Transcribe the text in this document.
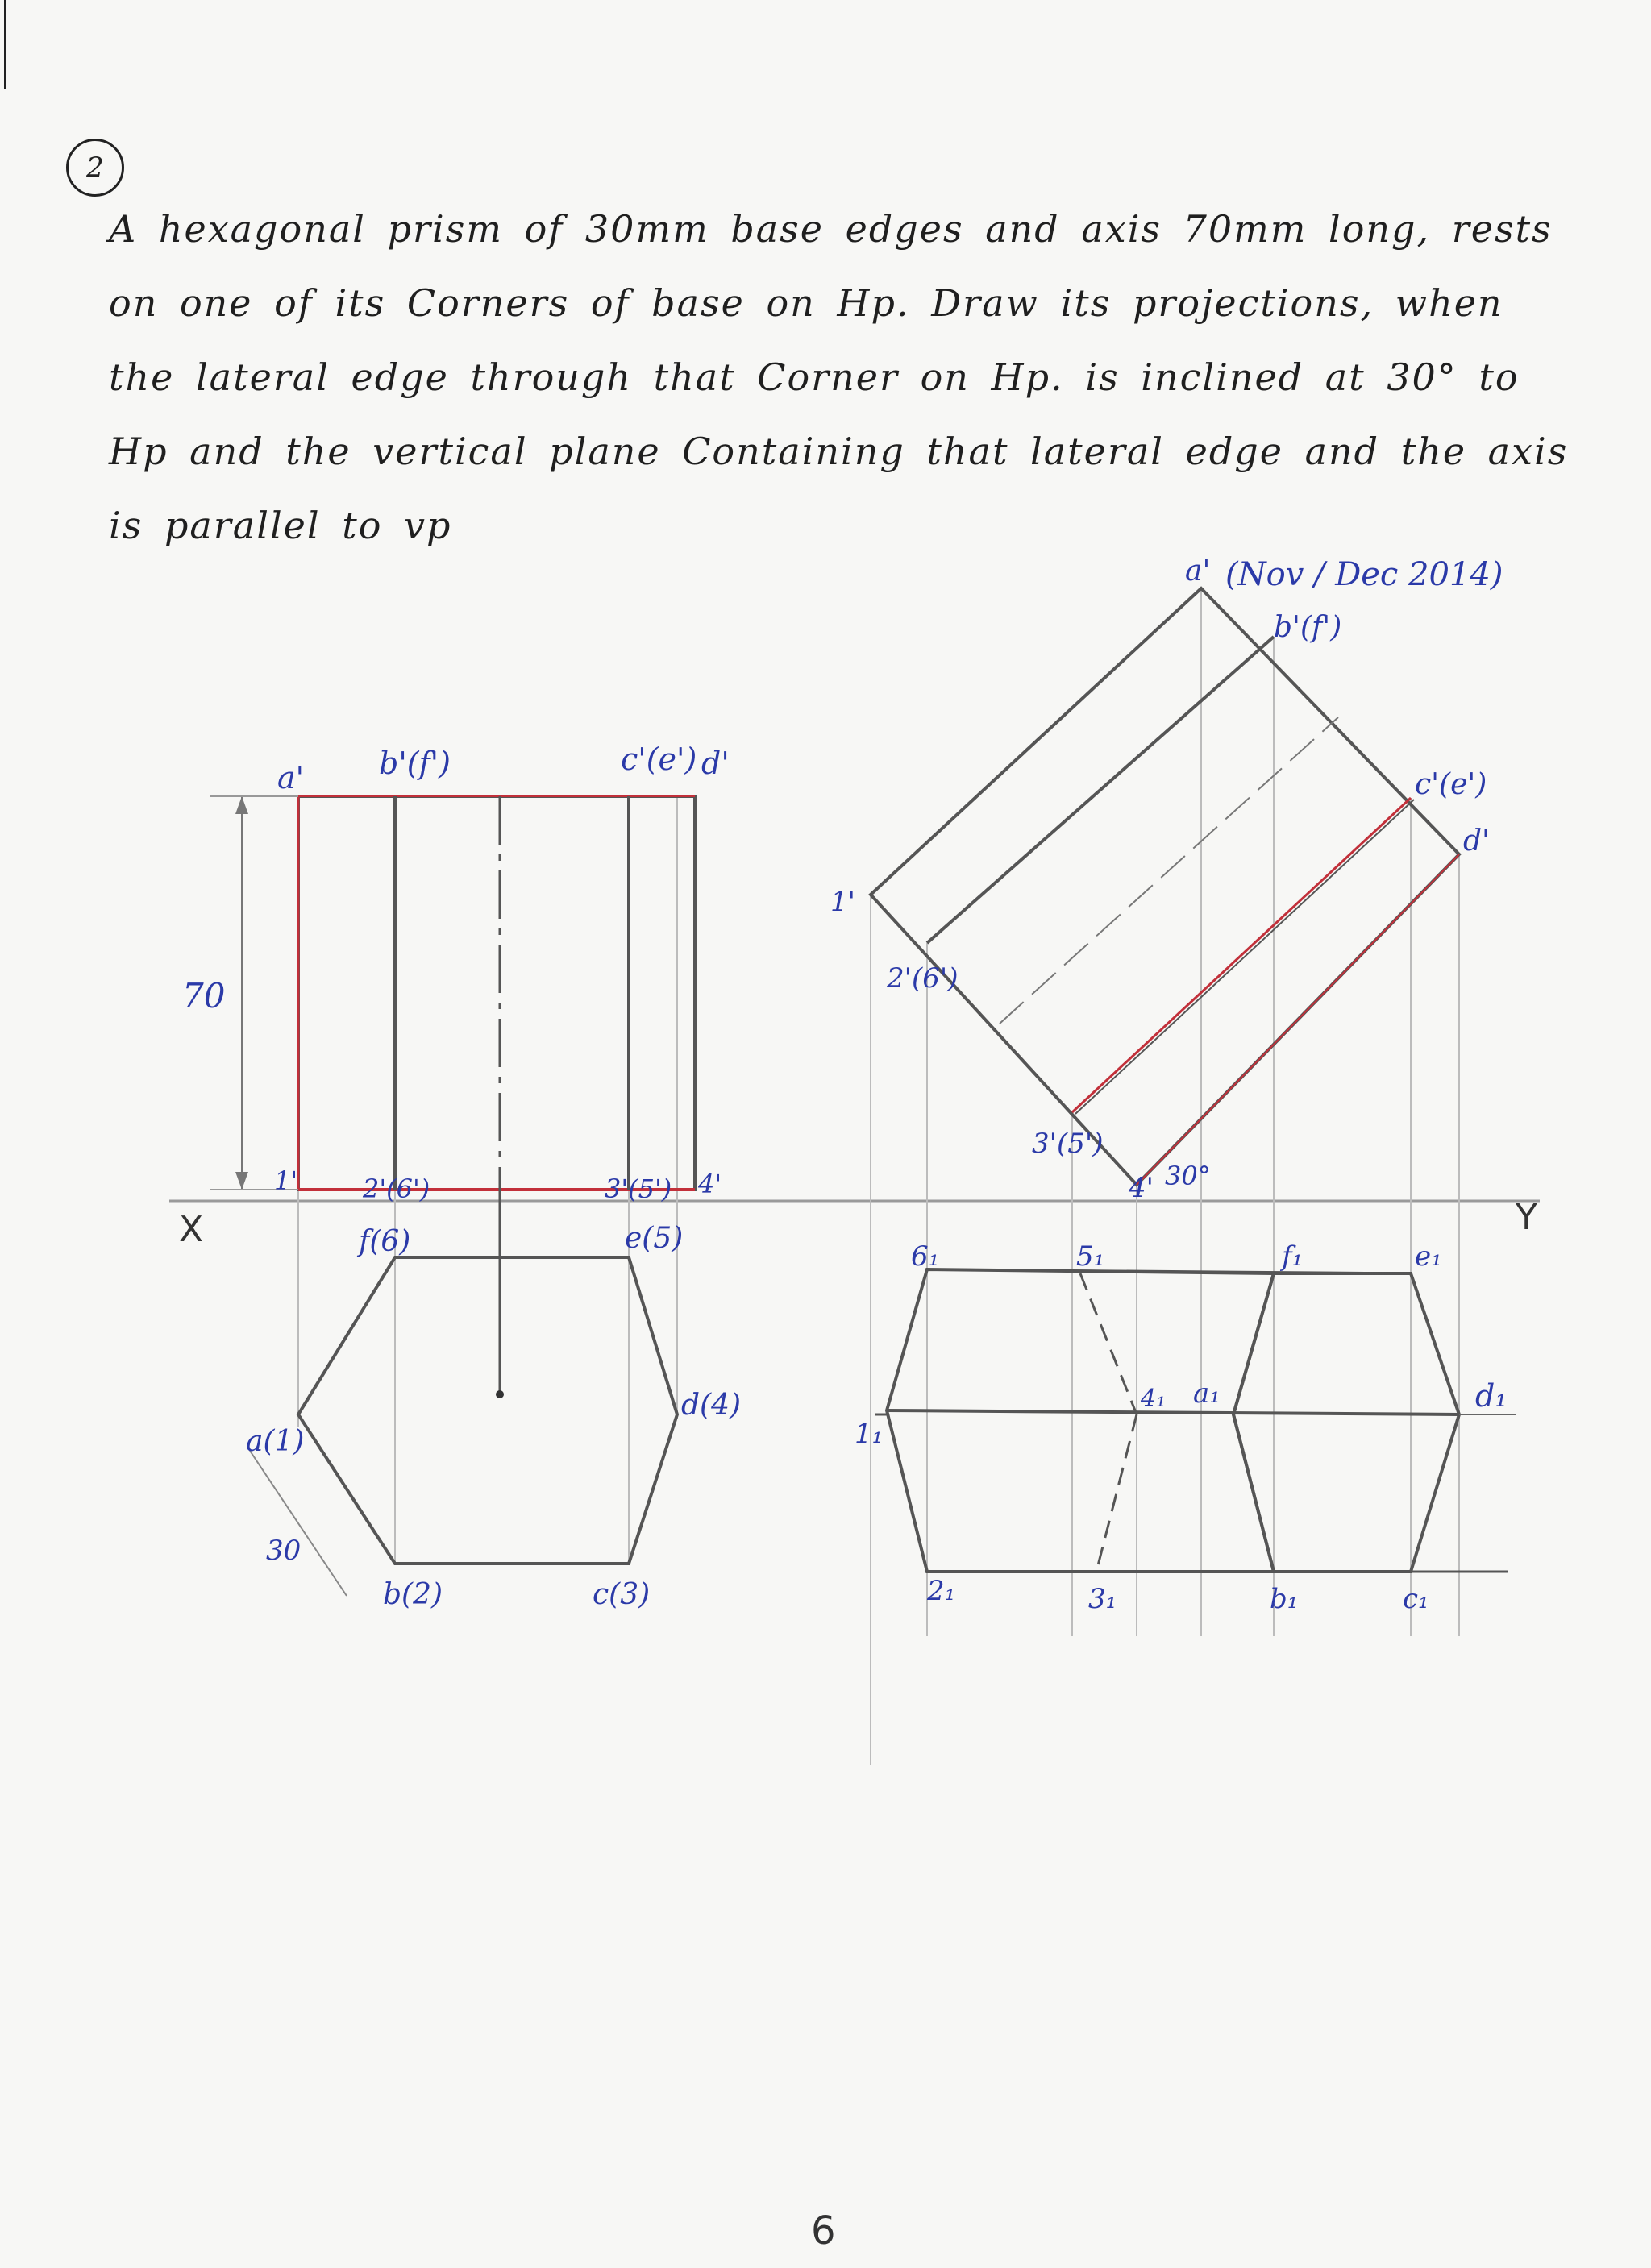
2

A hexagonal prism of 30mm base edges and axis 70mm long, rests on one of its Corners of base on Hp. Draw its projections, when the lateral edge through that Corner on Hp. is inclined at 30° to Hp and the vertical plane Containing that lateral edge and the axis is parallel to vp

(Nov / Dec 2014)
X	Y
70
a' b'(f')	c'(e') d'
1'	2'(6')	3'(5') 4'
30
f(6)	e(5)
a(1)
d(4)
b(2)	c(3)
a'
b'(f')
c'(e')
d'
1'
2'(6')
3'(5')
4' 30°
6₁	5₁	f₁	e₁
1₁
4₁ a₁	d₁
2₁	3₁	b₁	c₁
6
